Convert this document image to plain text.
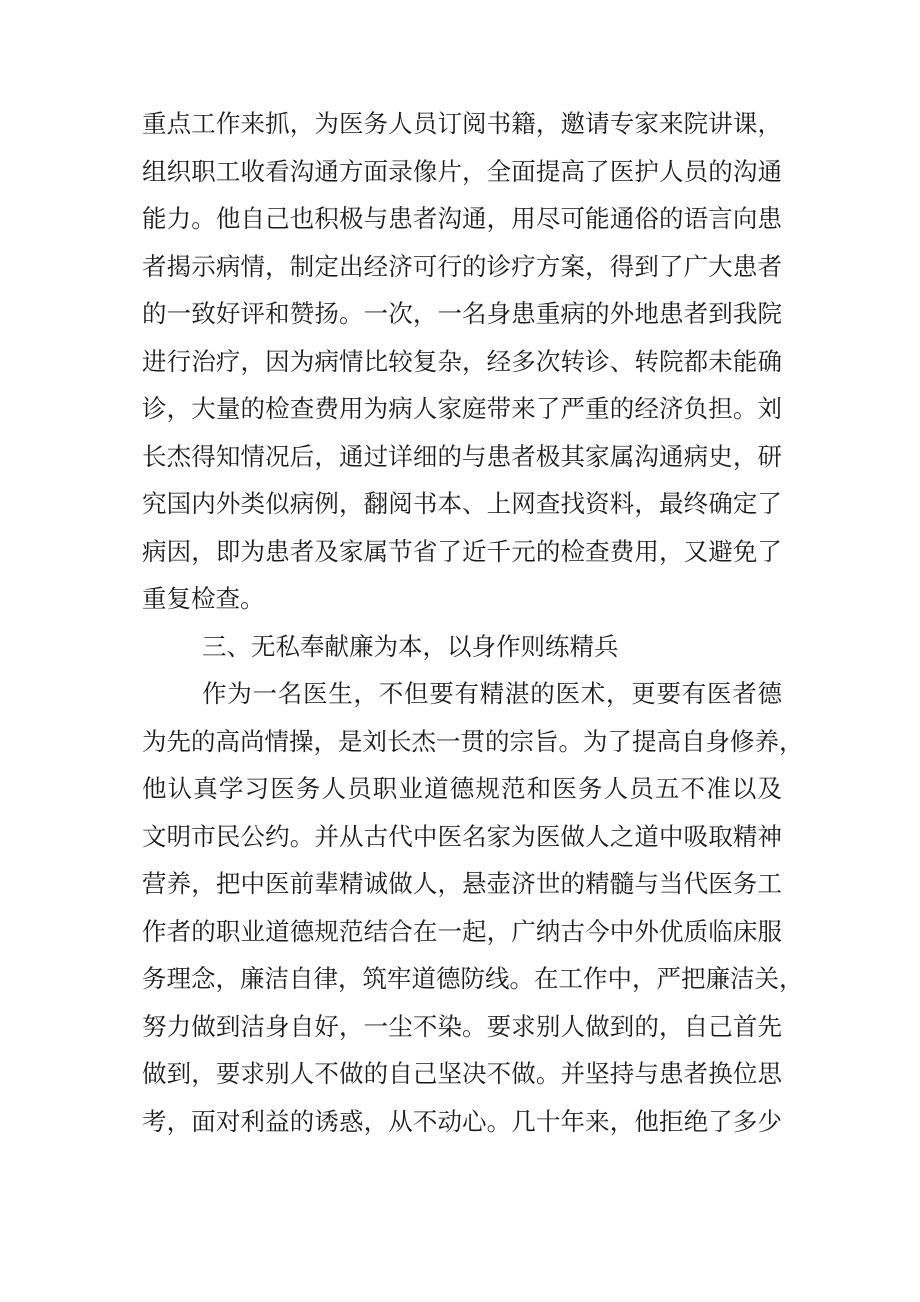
重点工作来抓，为医务人员订阅书籍，邀请专家来院讲课，
组织职工收看沟通方面录像片，全面提高了医护人员的沟通
能力。他自己也积极与患者沟通，用尽可能通俗的语言向患
者揭示病情，制定出经济可行的诊疗方案，得到了广大患者
的一致好评和赞扬。一次，一名身患重病的外地患者到我院
进行治疗，因为病情比较复杂，经多次转诊、转院都未能确
诊，大量的检查费用为病人家庭带来了严重的经济负担。刘
长杰得知情况后，通过详细的与患者极其家属沟通病史，研
究国内外类似病例，翻阅书本、上网查找资料，最终确定了
病因，即为患者及家属节省了近千元的检查费用，又避免了
重复检查。
三、无私奉献廉为本，以身作则练精兵
作为一名医生，不但要有精湛的医术，更要有医者德
为先的高尚情操，是刘长杰一贯的宗旨。为了提高自身修养，
他认真学习医务人员职业道德规范和医务人员五不准以及
文明市民公约。并从古代中医名家为医做人之道中吸取精神
营养，把中医前辈精诚做人，悬壶济世的精髓与当代医务工
作者的职业道德规范结合在一起，广纳古今中外优质临床服
务理念，廉洁自律，筑牢道德防线。在工作中，严把廉洁关，
努力做到洁身自好，一尘不染。要求别人做到的，自己首先
做到，要求别人不做的自己坚决不做。并坚持与患者换位思
考，面对利益的诱惑，从不动心。几十年来，他拒绝了多少
